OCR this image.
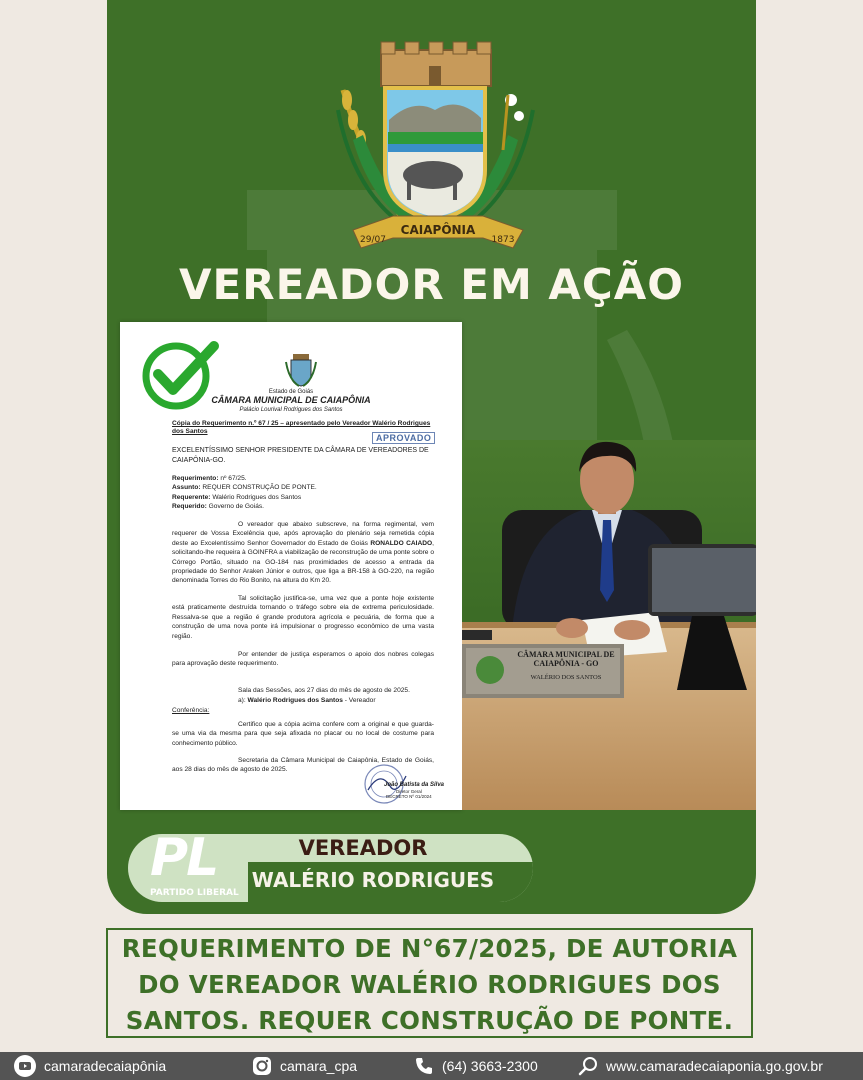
CAIAPÔNIA
29/07	1873
VEREADOR EM AÇÃO
Estado de Goiás
CÂMARA MUNICIPAL DE CAIAPÔNIA
Palácio Lourival Rodrigues dos Santos
Cópia do Requerimento n.º 67 / 25 – apresentado pelo Vereador Walério Rodrigues dos Santos
APROVADO
EXCELENTÍSSIMO SENHOR PRESIDENTE DA CÂMARA DE VEREADORES DE CAIAPÔNIA-GO.
Requerimento: nº 67/25.
Assunto: REQUER CONSTRUÇÃO DE PONTE.
Requerente: Walério Rodrigues dos Santos
Requerido: Governo de Goiás.
O vereador que abaixo subscreve, na forma regimental, vem requerer de Vossa Excelência que, após aprovação do plenário seja remetida cópia deste ao Excelentíssimo Senhor Governador do Estado de Goiás RONALDO CAIADO, solicitando-lhe requeira à GOINFRA a viabilização de reconstrução de uma ponte sobre o Córrego Portão, situado na GO-184 nas proximidades de acesso a entrada da propriedade do Senhor Araken Júnior e outros, que liga a BR-158 à GO-220, na região denominada Torres do Rio Bonito, na altura do Km 20.
Tal solicitação justifica-se, uma vez que a ponte hoje existente está praticamente destruída tornando o tráfego sobre ela de extrema periculosidade. Ressalva-se que a região é grande produtora agrícola e pecuária, de forma que a construção de uma nova ponte irá impulsionar o progresso econômico de uma vasta região.
Por entender de justiça esperamos o apoio dos nobres colegas para aprovação deste requerimento.
Sala das Sessões, aos 27 dias do mês de agosto de 2025.
a): Walério Rodrigues dos Santos - Vereador
Conferência:
Certifico que a cópia acima confere com a original e que guarda-se uma via da mesma para que seja afixada no placar ou no local de costume para conhecimento público.
Secretaria da Câmara Municipal de Caiapônia, Estado de Goiás, aos 28 dias do mês de agosto de 2025.
João Batista da Silva
Diretor Geral
DECRETO Nº 01/2024
CÂMARA MUNICIPAL DE CAIAPÔNIA - GO
WALÉRIO DOS SANTOS
PL
PARTIDO LIBERAL
VEREADOR
WALÉRIO RODRIGUES
REQUERIMENTO DE N°67/2025, DE AUTORIA DO VEREADOR WALÉRIO RODRIGUES DOS SANTOS. REQUER CONSTRUÇÃO DE PONTE.
camaradecaiapônia	camara_cpa	(64) 3663-2300	www.camaradecaiaponia.go.gov.br
